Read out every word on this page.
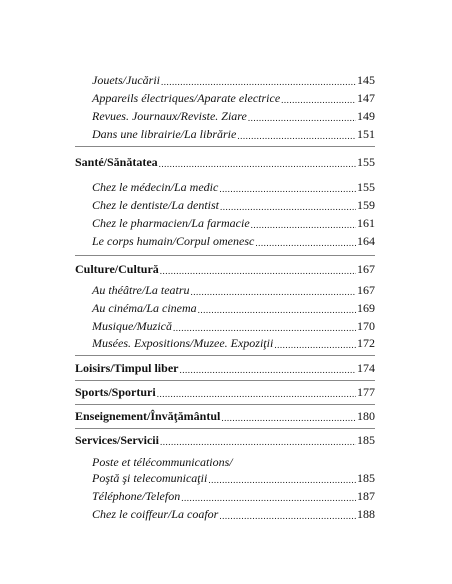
Jouets/Jucării .....	145
Appareils électriques/Aparate electrice .....	147
Revues. Journaux/Reviste. Ziare .....	149
Dans une librairie/La librărie .....	151
Santé/Sănătatea .....	155
Chez le médecin/La medic .....	155
Chez le dentiste/La dentist .....	159
Chez le pharmacien/La farmacie .....	161
Le corps humain/Corpul omenesc .....	164
Culture/Cultură .....	167
Au théâtre/La teatru .....	167
Au cinéma/La cinema .....	169
Musique/Muzică .....	170
Musées. Expositions/Muzee. Expoziţii .....	172
Loisirs/Timpul liber .....	174
Sports/Sporturi .....	177
Enseignement/Învăţământul .....	180
Services/Servicii .....	185
Poste et télécommunications/
Poştă şi telecomunicaţii .....	185
Téléphone/Telefon .....	187
Chez le coiffeur/La coafor .....	188
